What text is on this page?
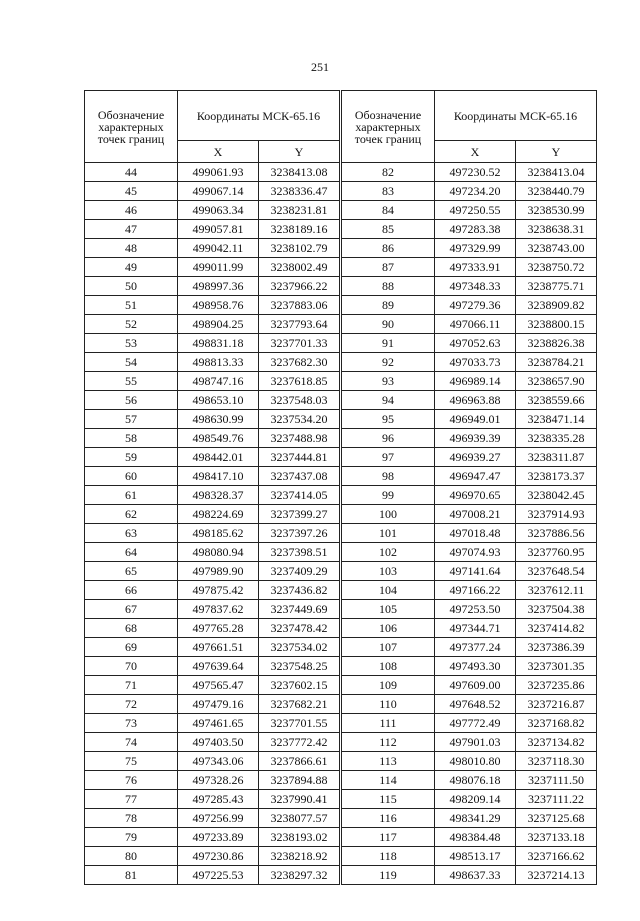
251
Обозначение характерных точек границ	Координаты МСК-65.16		Обозначение характерных точек границ	Координаты МСК-65.16	
	X	Y		X	Y
44	499061.93	3238413.08	82	497230.52	3238413.04
45	499067.14	3238336.47	83	497234.20	3238440.79
46	499063.34	3238231.81	84	497250.55	3238530.99
47	499057.81	3238189.16	85	497283.38	3238638.31
48	499042.11	3238102.79	86	497329.99	3238743.00
49	499011.99	3238002.49	87	497333.91	3238750.72
50	498997.36	3237966.22	88	497348.33	3238775.71
51	498958.76	3237883.06	89	497279.36	3238909.82
52	498904.25	3237793.64	90	497066.11	3238800.15
53	498831.18	3237701.33	91	497052.63	3238826.38
54	498813.33	3237682.30	92	497033.73	3238784.21
55	498747.16	3237618.85	93	496989.14	3238657.90
56	498653.10	3237548.03	94	496963.88	3238559.66
57	498630.99	3237534.20	95	496949.01	3238471.14
58	498549.76	3237488.98	96	496939.39	3238335.28
59	498442.01	3237444.81	97	496939.27	3238311.87
60	498417.10	3237437.08	98	496947.47	3238173.37
61	498328.37	3237414.05	99	496970.65	3238042.45
62	498224.69	3237399.27	100	497008.21	3237914.93
63	498185.62	3237397.26	101	497018.48	3237886.56
64	498080.94	3237398.51	102	497074.93	3237760.95
65	497989.90	3237409.29	103	497141.64	3237648.54
66	497875.42	3237436.82	104	497166.22	3237612.11
67	497837.62	3237449.69	105	497253.50	3237504.38
68	497765.28	3237478.42	106	497344.71	3237414.82
69	497661.51	3237534.02	107	497377.24	3237386.39
70	497639.64	3237548.25	108	497493.30	3237301.35
71	497565.47	3237602.15	109	497609.00	3237235.86
72	497479.16	3237682.21	110	497648.52	3237216.87
73	497461.65	3237701.55	111	497772.49	3237168.82
74	497403.50	3237772.42	112	497901.03	3237134.82
75	497343.06	3237866.61	113	498010.80	3237118.30
76	497328.26	3237894.88	114	498076.18	3237111.50
77	497285.43	3237990.41	115	498209.14	3237111.22
78	497256.99	3238077.57	116	498341.29	3237125.68
79	497233.89	3238193.02	117	498384.48	3237133.18
80	497230.86	3238218.92	118	498513.17	3237166.62
81	497225.53	3238297.32	119	498637.33	3237214.13
